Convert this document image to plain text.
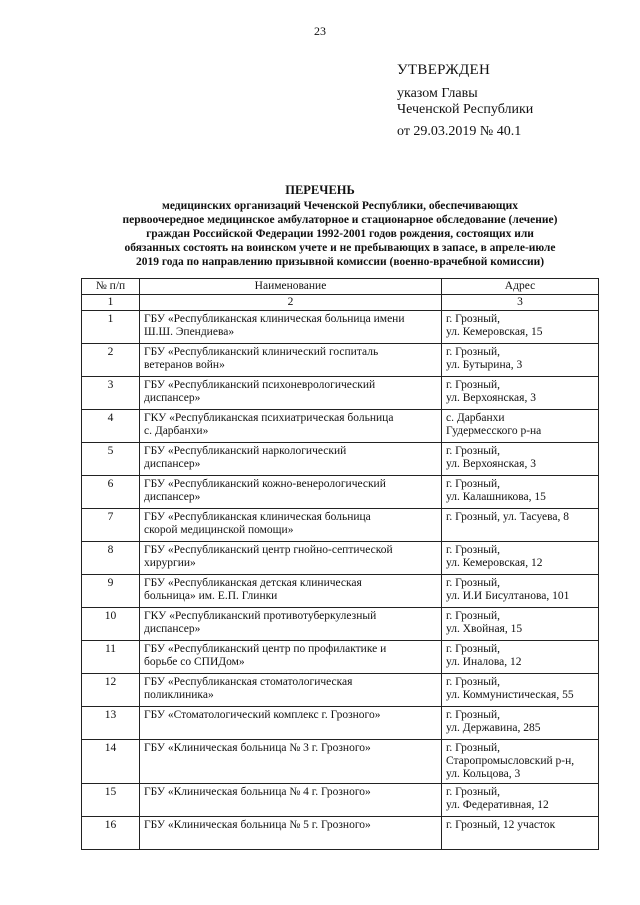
23
УТВЕРЖДЕН
указом Главы
Чеченской Республики
от 29.03.2019 № 40.1
ПЕРЕЧЕНЬ
медицинских организаций Чеченской Республики, обеспечивающих
первоочередное медицинское амбулаторное и стационарное обследование (лечение)
граждан Российской Федерации 1992-2001 годов рождения, состоящих или
обязанных состоять на воинском учете и не пребывающих в запасе, в апреле-июле
2019 года по направлению призывной комиссии (военно-врачебной комиссии)
№ п/п	Наименование	Адрес
1	2	3
1	ГБУ «Республиканская клиническая больница имени
Ш.Ш. Эпендиева»	г. Грозный,
ул. Кемеровская, 15

2	ГБУ «Республиканский клинический госпиталь
ветеранов войн»	г. Грозный,
ул. Бутырина, 3

3	ГБУ «Республиканский психоневрологический
диспансер»	г. Грозный,
ул. Верхоянская, 3

4	ГКУ «Республиканская психиатрическая больница
с. Дарбанхи»	с. Дарбанхи
Гудермесского р-на

5	ГБУ «Республиканский наркологический
диспансер»	г. Грозный,
ул. Верхоянская, 3

6	ГБУ «Республиканский кожно-венерологический
диспансер»	г. Грозный,
ул. Калашникова, 15

7	ГБУ «Республиканская клиническая больница
скорой медицинской помощи»	г. Грозный, ул. Тасуева, 8

8	ГБУ «Республиканский центр гнойно-септической
хирургии»	г. Грозный,
ул. Кемеровская, 12

9	ГБУ «Республиканская детская клиническая
больница» им. Е.П. Глинки	г. Грозный,
ул. И.И Бисултанова, 101

10	ГКУ «Республиканский противотуберкулезный
диспансер»	г. Грозный,
ул. Хвойная, 15

11	ГБУ «Республиканский центр по профилактике и
борьбе со СПИДом»	г. Грозный,
ул. Иналова, 12

12	ГБУ «Республиканская стоматологическая
поликлиника»	г. Грозный,
ул. Коммунистическая, 55

13	ГБУ «Стоматологический комплекс г. Грозного»	г. Грозный,
ул. Державина, 285

14	ГБУ «Клиническая больница № 3 г. Грозного»	г. Грозный,
Старопромысловский р-н,
ул. Кольцова, 3

15	ГБУ «Клиническая больница № 4 г. Грозного»	г. Грозный,
ул. Федеративная, 12

16	ГБУ «Клиническая больница № 5 г. Грозного»	г. Грозный, 12 участок
